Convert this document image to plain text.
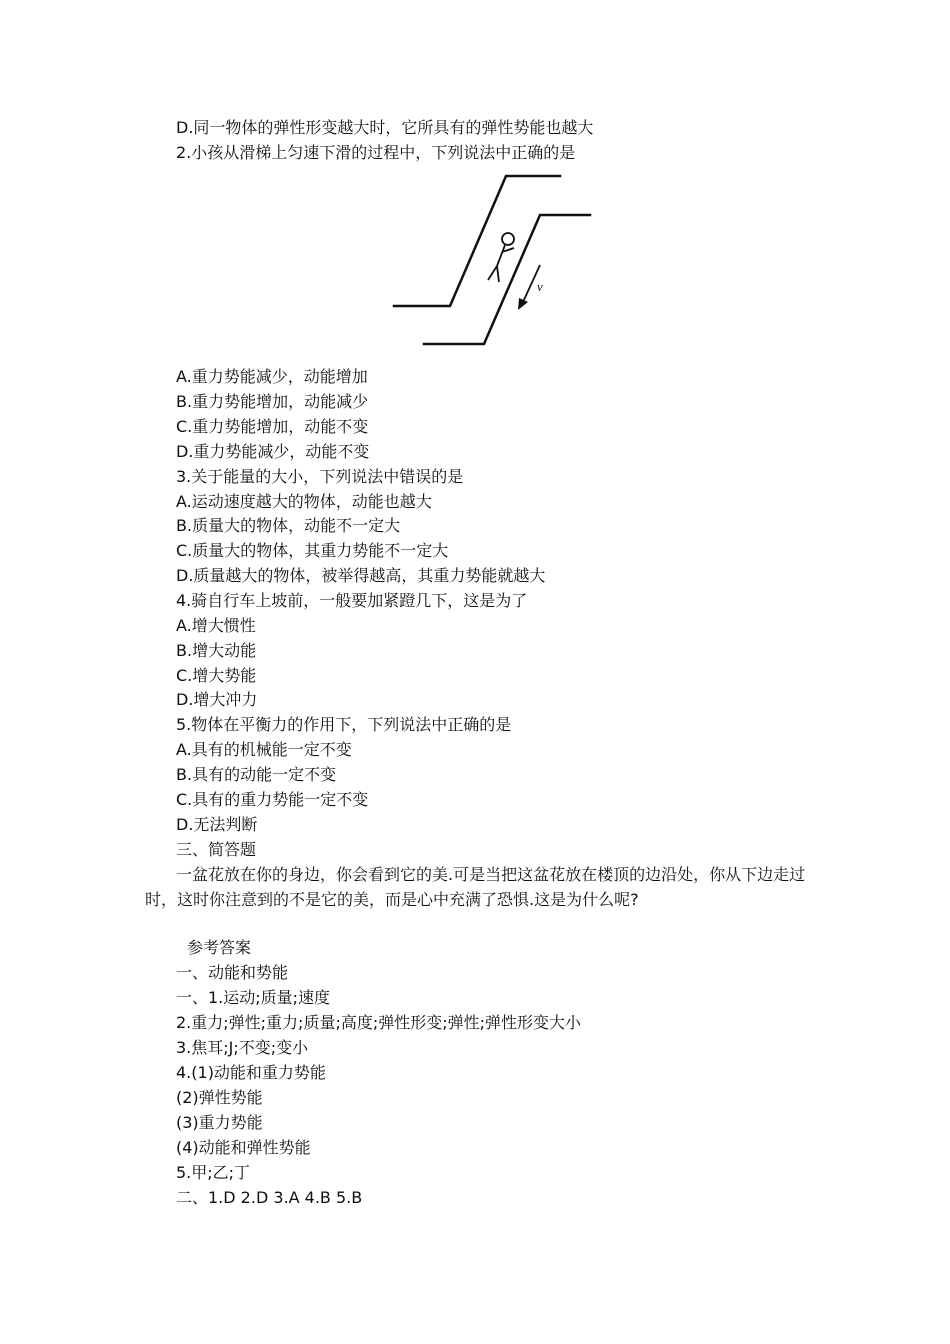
D.同一物体的弹性形变越大时，它所具有的弹性势能也越大
2.小孩从滑梯上匀速下滑的过程中，下列说法中正确的是
v
A.重力势能减少，动能增加
B.重力势能增加，动能减少
C.重力势能增加，动能不变
D.重力势能减少，动能不变
3.关于能量的大小，下列说法中错误的是
A.运动速度越大的物体，动能也越大
B.质量大的物体，动能不一定大
C.质量大的物体，其重力势能不一定大
D.质量越大的物体，被举得越高，其重力势能就越大
4.骑自行车上坡前，一般要加紧蹬几下，这是为了
A.增大惯性
B.增大动能
C.增大势能
D.增大冲力
5.物体在平衡力的作用下，下列说法中正确的是
A.具有的机械能一定不变
B.具有的动能一定不变
C.具有的重力势能一定不变
D.无法判断
三、简答题
一盆花放在你的身边，你会看到它的美.可是当把这盆花放在楼顶的边沿处，你从下边走过时，这时你注意到的不是它的美，而是心中充满了恐惧.这是为什么呢?
参考答案
一、动能和势能
一、1.运动;质量;速度
2.重力;弹性;重力;质量;高度;弹性形变;弹性;弹性形变大小
3.焦耳;J;不变;变小
4.(1)动能和重力势能
(2)弹性势能
(3)重力势能
(4)动能和弹性势能
5.甲;乙;丁
二、1.D 2.D 3.A 4.B 5.B
